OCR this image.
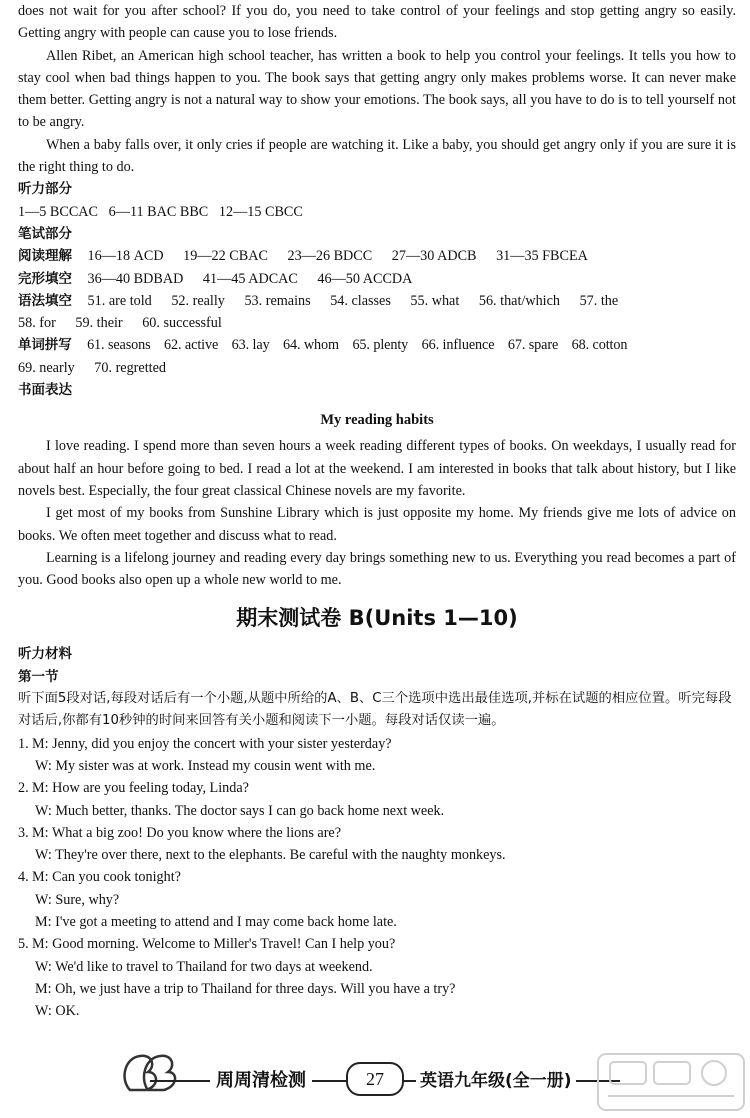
does not wait for you after school? If you do, you need to take control of your feelings and stop getting angry so easily. Getting angry with people can cause you to lose friends.

Allen Ribet, an American high school teacher, has written a book to help you control your feelings. It tells you how to stay cool when bad things happen to you. The book says that getting angry only makes problems worse. It can never make them better. Getting angry is not a natural way to show your emotions. The book says, all you have to do is to tell yourself not to be angry.

When a baby falls over, it only cries if people are watching it. Like a baby, you should get angry only if you are sure it is the right thing to do.

听力部分

1—5 BCCAC   6—11 BAC BBC   12—15 CBCC

笔试部分

阅读理解 16—18 ACD 19—22 CBAC 23—26 BDCC 27—30 ADCB 31—35 FBCEA

完形填空 36—40 BDBAD 41—45 ADCAC 46—50 ACCDA

语法填空 51. are told 52. really 53. remains 54. classes 55. what 56. that/which 57. the

58. for 59. their 60. successful

单词拼写 61. seasons 62. active 63. lay 64. whom 65. plenty 66. influence 67. spare 68. cotton

69. nearly 70. regretted

书面表达

My reading habits

I love reading. I spend more than seven hours a week reading different types of books. On weekdays, I usually read for about half an hour before going to bed. I read a lot at the weekend. I am interested in books that talk about history, but I like novels best. Especially, the four great classical Chinese novels are my favorite.

I get most of my books from Sunshine Library which is just opposite my home. My friends give me lots of advice on books. We often meet together and discuss what to read.

Learning is a lifelong journey and reading every day brings something new to us. Everything you read becomes a part of you. Good books also open up a whole new world to me.

期末测试卷 B(Units 1—10)

听力材料

第一节

听下面5段对话,每段对话后有一个小题,从题中所给的A、B、C三个选项中选出最佳选项,并标在试题的相应位置。听完每段对话后,你都有10秒钟的时间来回答有关小题和阅读下一小题。每段对话仅读一遍。

1. M: Jenny, did you enjoy the concert with your sister yesterday?

W: My sister was at work. Instead my cousin went with me.

2. M: How are you feeling today, Linda?

W: Much better, thanks. The doctor says I can go back home next week.

3. M: What a big zoo! Do you know where the lions are?

W: They're over there, next to the elephants. Be careful with the naughty monkeys.

4. M: Can you cook tonight?

W: Sure, why?

M: I've got a meeting to attend and I may come back home late.

5. M: Good morning. Welcome to Miller's Travel! Can I help you?

W: We'd like to travel to Thailand for two days at weekend.

M: Oh, we just have a trip to Thailand for three days. Will you have a try?

W: OK.

周周清检测	27	英语九年级(全一册)
